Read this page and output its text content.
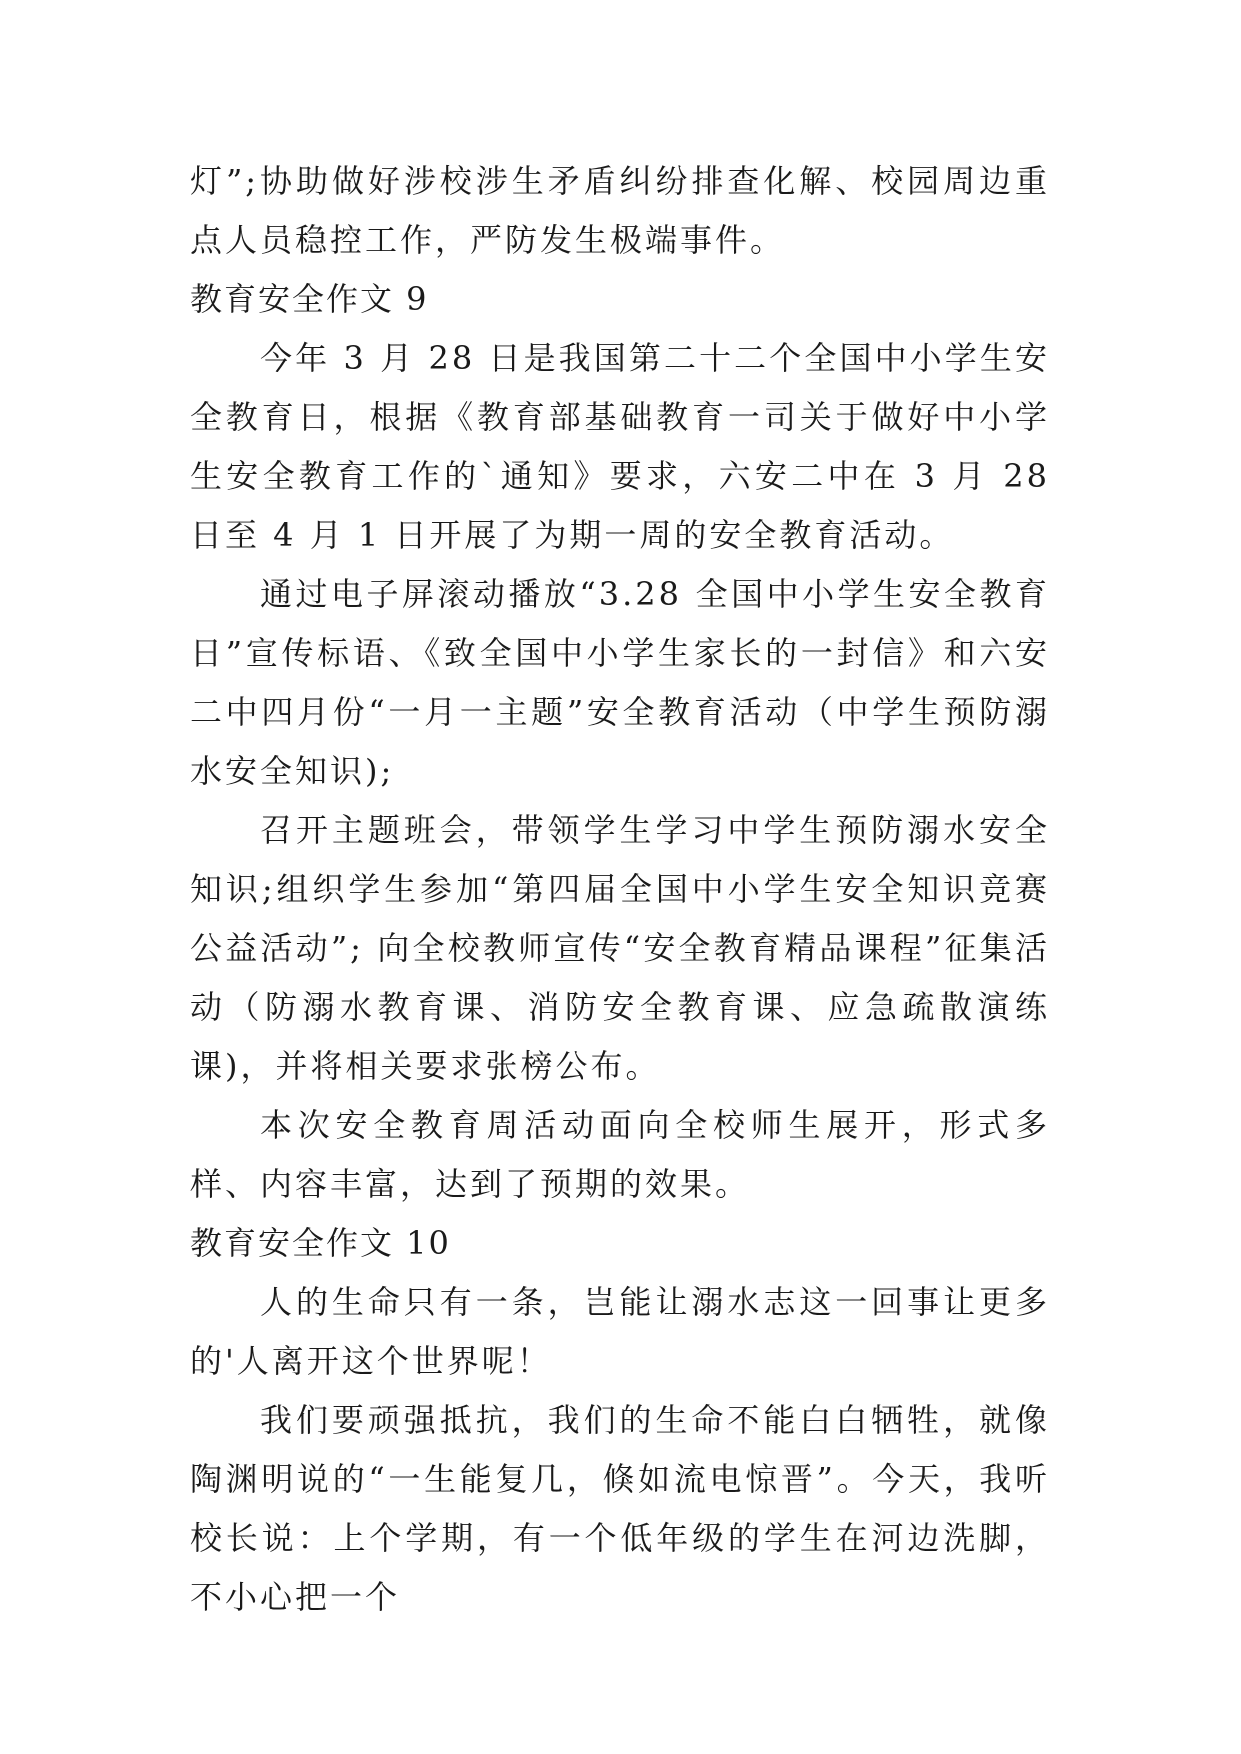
灯”;协助做好涉校涉生矛盾纠纷排查化解、校园周边重点人员稳控工作，严防发生极端事件。

教育安全作文 9

今年 3 月 28 日是我国第二十二个全国中小学生安全教育日，根据《教育部基础教育一司关于做好中小学生安全教育工作的`通知》要求，六安二中在 3 月 28 日至 4 月 1 日开展了为期一周的安全教育活动。

通过电子屏滚动播放“3.28 全国中小学生安全教育日”宣传标语、《致全国中小学生家长的一封信》和六安二中四月份“一月一主题”安全教育活动（中学生预防溺水安全知识);

召开主题班会，带领学生学习中学生预防溺水安全知识;组织学生参加“第四届全国中小学生安全知识竞赛公益活动”; 向全校教师宣传“安全教育精品课程”征集活动（防溺水教育课、消防安全教育课、应急疏散演练课)，并将相关要求张榜公布。

本次安全教育周活动面向全校师生展开，形式多样、内容丰富，达到了预期的效果。

教育安全作文 10

人的生命只有一条，岂能让溺水志这一回事让更多的'人离开这个世界呢！

我们要顽强抵抗，我们的生命不能白白牺牲，就像陶渊明说的“一生能复几，倏如流电惊晋”。今天，我听校长说：上个学期，有一个低年级的学生在河边洗脚，不小心把一个
